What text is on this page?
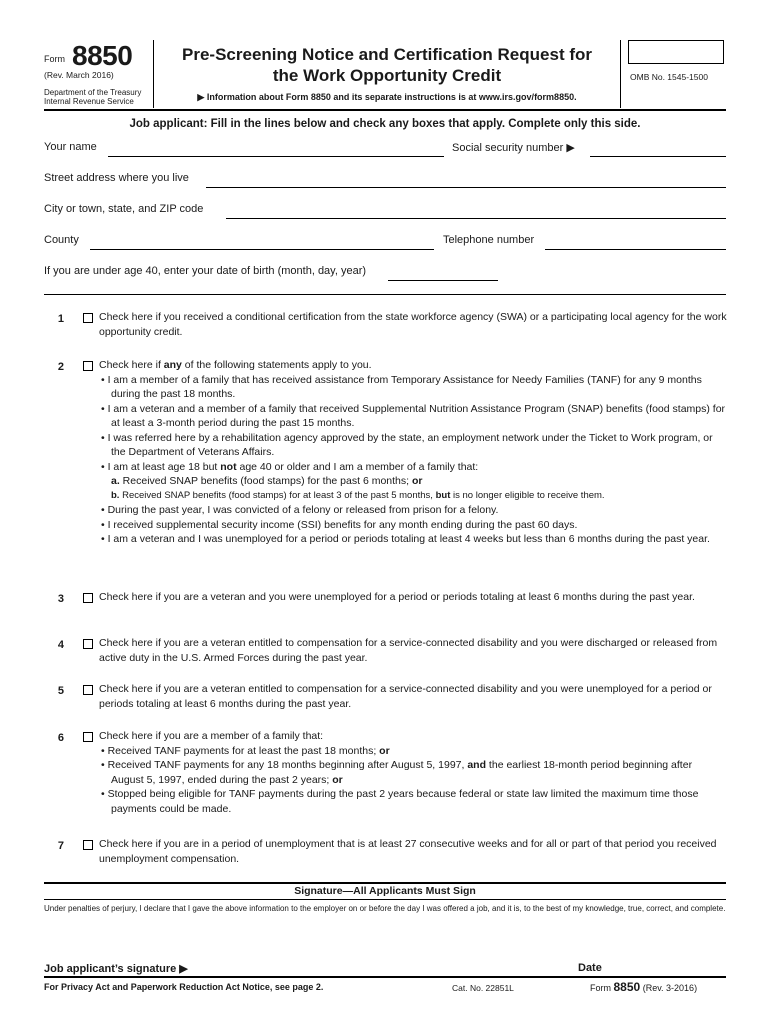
Form 8850
(Rev. March 2016)
Department of the Treasury
Internal Revenue Service
Pre-Screening Notice and Certification Request for
the Work Opportunity Credit
▶ Information about Form 8850 and its separate instructions is at www.irs.gov/form8850.
OMB No. 1545-1500
Job applicant: Fill in the lines below and check any boxes that apply. Complete only this side.
Your name	Social security number ▶
Street address where you live
City or town, state, and ZIP code
County	Telephone number
If you are under age 40, enter your date of birth (month, day, year)
1	Check here if you received a conditional certification from the state workforce agency (SWA) or a participating local agency for the work opportunity credit.
2	Check here if any of the following statements apply to you.
• I am a member of a family that has received assistance from Temporary Assistance for Needy Families (TANF) for any 9 months during the past 18 months.
• I am a veteran and a member of a family that received Supplemental Nutrition Assistance Program (SNAP) benefits (food stamps) for at least a 3-month period during the past 15 months.
• I was referred here by a rehabilitation agency approved by the state, an employment network under the Ticket to Work program, or the Department of Veterans Affairs.
• I am at least age 18 but not age 40 or older and I am a member of a family that:
a. Received SNAP benefits (food stamps) for the past 6 months; or
b. Received SNAP benefits (food stamps) for at least 3 of the past 5 months, but is no longer eligible to receive them.
• During the past year, I was convicted of a felony or released from prison for a felony.
• I received supplemental security income (SSI) benefits for any month ending during the past 60 days.
• I am a veteran and I was unemployed for a period or periods totaling at least 4 weeks but less than 6 months during the past year.
3	Check here if you are a veteran and you were unemployed for a period or periods totaling at least 6 months during the past year.
4	Check here if you are a veteran entitled to compensation for a service-connected disability and you were discharged or released from active duty in the U.S. Armed Forces during the past year.
5	Check here if you are a veteran entitled to compensation for a service-connected disability and you were unemployed for a period or periods totaling at least 6 months during the past year.
6	Check here if you are a member of a family that:
• Received TANF payments for at least the past 18 months; or
• Received TANF payments for any 18 months beginning after August 5, 1997, and the earliest 18-month period beginning after August 5, 1997, ended during the past 2 years; or
• Stopped being eligible for TANF payments during the past 2 years because federal or state law limited the maximum time those payments could be made.
7	Check here if you are in a period of unemployment that is at least 27 consecutive weeks and for all or part of that period you received unemployment compensation.
Signature—All Applicants Must Sign
Under penalties of perjury, I declare that I gave the above information to the employer on or before the day I was offered a job, and it is, to the best of my knowledge, true, correct, and complete.
Job applicant’s signature ▶	Date
For Privacy Act and Paperwork Reduction Act Notice, see page 2.	Cat. No. 22851L	Form 8850 (Rev. 3-2016)
